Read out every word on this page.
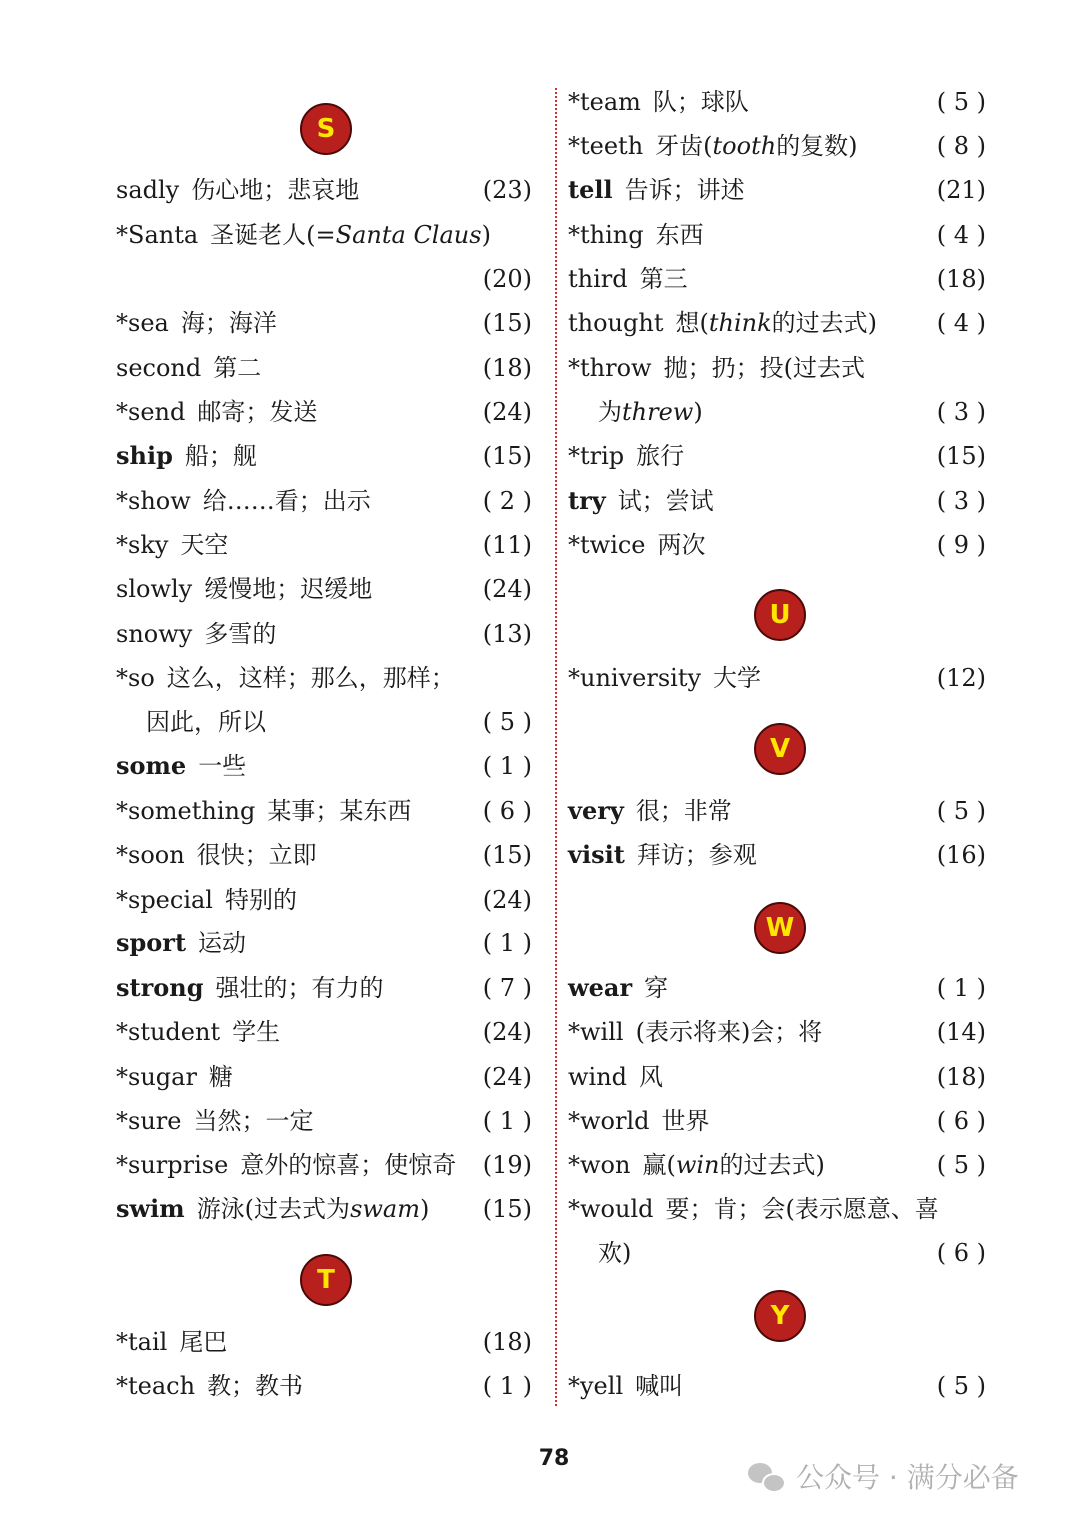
S
sadly 伤心地；悲哀地	(23)
*Santa 圣诞老人(=Santa Claus)
(20)
*sea 海；海洋	(15)
second 第二	(18)
*send 邮寄；发送	(24)
ship 船；舰	(15)
*show 给……看；出示	( 2 )
*sky 天空	(11)
slowly 缓慢地；迟缓地	(24)
snowy 多雪的	(13)
*so 这么，这样；那么，那样；
因此，所以	( 5 )
some 一些	( 1 )
*something 某事；某东西	( 6 )
*soon 很快；立即	(15)
*special 特别的	(24)
sport 运动	( 1 )
strong 强壮的；有力的	( 7 )
*student 学生	(24)
*sugar 糖	(24)
*sure 当然；一定	( 1 )
*surprise 意外的惊喜；使惊奇	(19)
swim 游泳(过去式为swam)	(15)
T
*tail 尾巴	(18)
*teach 教；教书	( 1 )
*team 队；球队	( 5 )
*teeth 牙齿(tooth的复数)	( 8 )
tell 告诉；讲述	(21)
*thing 东西	( 4 )
third 第三	(18)
thought 想(think的过去式)	( 4 )
*throw 抛；扔；投(过去式
为threw)	( 3 )
*trip 旅行	(15)
try 试；尝试	( 3 )
*twice 两次	( 9 )
U
*university 大学	(12)
V
very 很；非常	( 5 )
visit 拜访；参观	(16)
W
wear 穿	( 1 )
*will (表示将来)会；将	(14)
wind 风	(18)
*world 世界	( 6 )
*won 赢(win的过去式)	( 5 )
*would 要；肯；会(表示愿意、喜
欢)	( 6 )
Y
*yell 喊叫	( 5 )
78
公众号 · 满分必备
